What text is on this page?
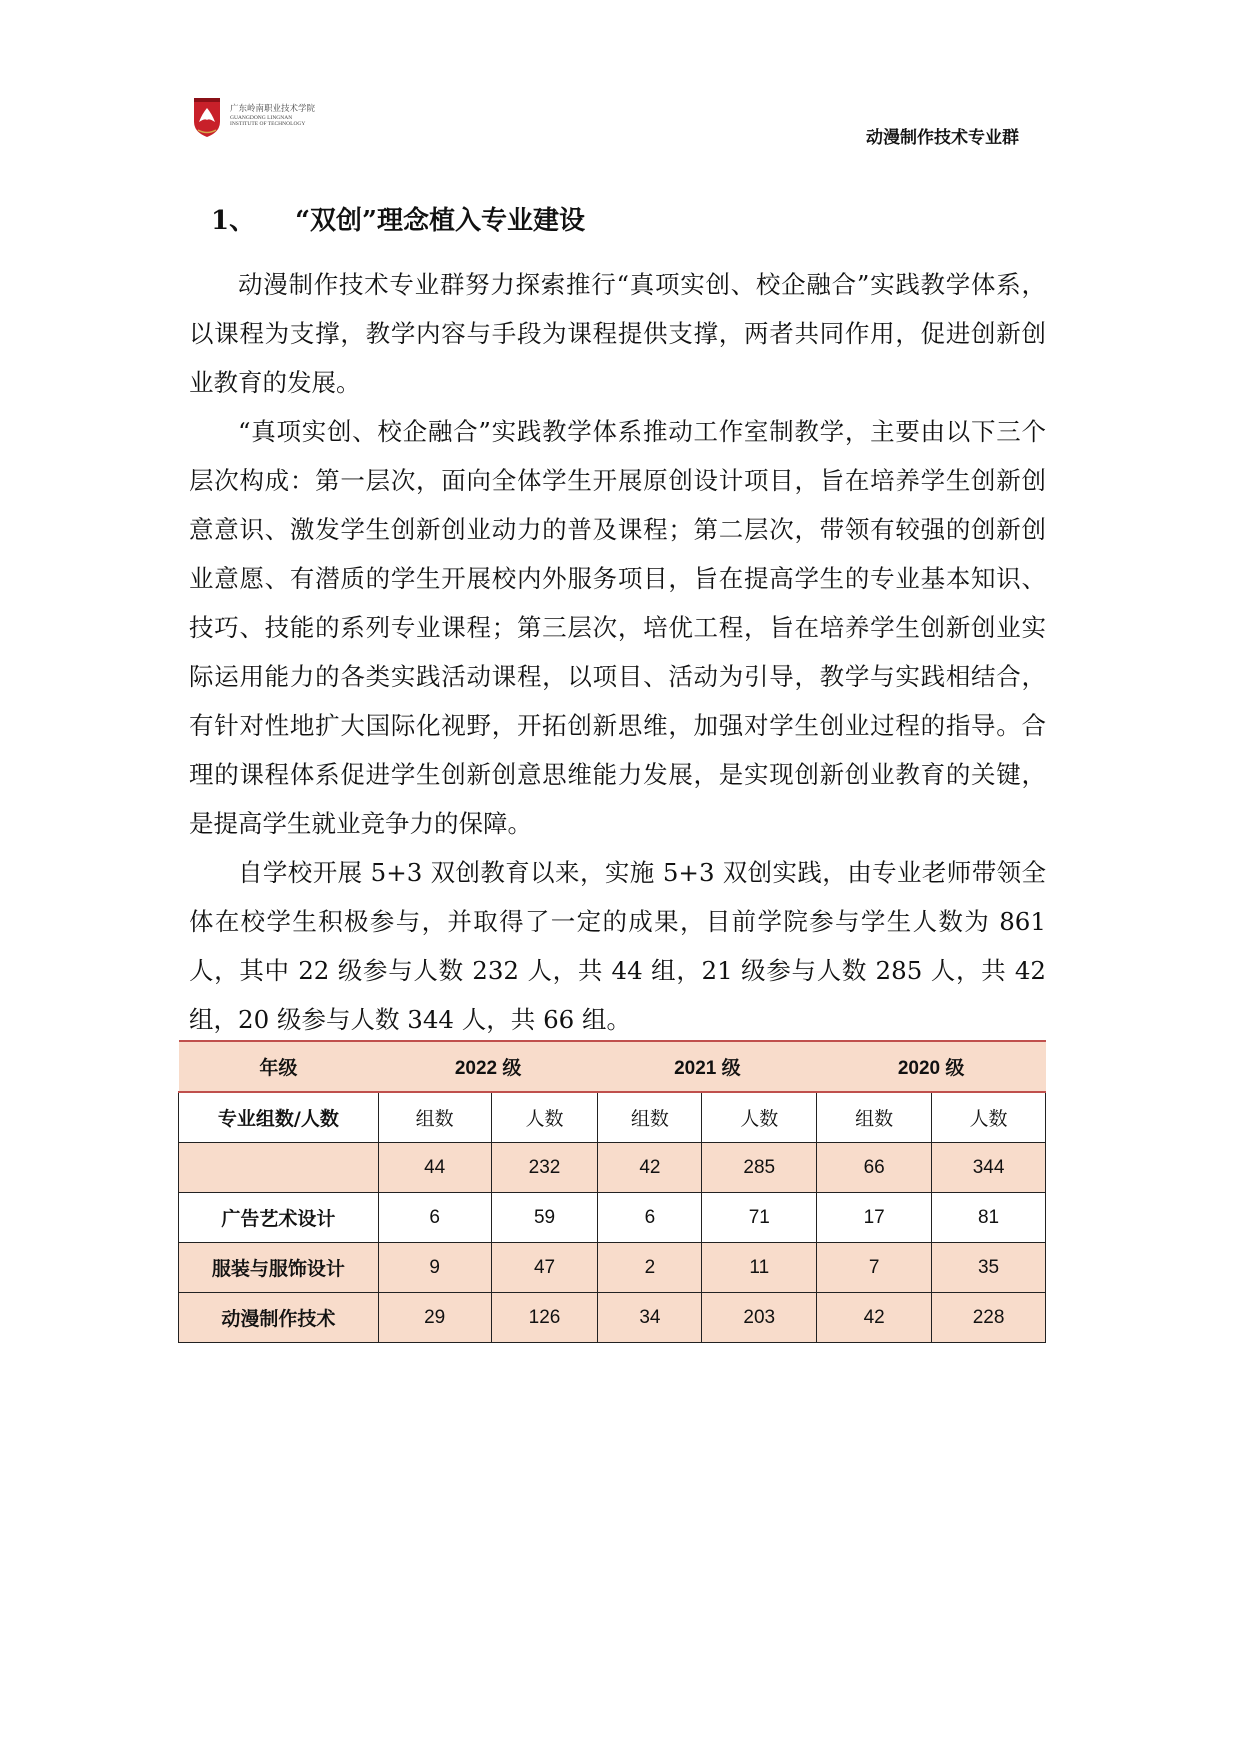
广东岭南职业技术学院
GUANGDONG LINGNAN INSTITUTE OF TECHNOLOGY
动漫制作技术专业群
1、 “双创”理念植入专业建设

动漫制作技术专业群努力探索推行“真项实创、校企融合”实践教学体系，以课程为支撑，教学内容与手段为课程提供支撑，两者共同作用，促进创新创业教育的发展。

“真项实创、校企融合”实践教学体系推动工作室制教学，主要由以下三个层次构成：第一层次，面向全体学生开展原创设计项目，旨在培养学生创新创意意识、激发学生创新创业动力的普及课程；第二层次，带领有较强的创新创业意愿、有潜质的学生开展校内外服务项目，旨在提高学生的专业基本知识、技巧、技能的系列专业课程；第三层次，培优工程，旨在培养学生创新创业实际运用能力的各类实践活动课程，以项目、活动为引导，教学与实践相结合，有针对性地扩大国际化视野，开拓创新思维，加强对学生创业过程的指导。合理的课程体系促进学生创新创意思维能力发展，是实现创新创业教育的关键，是提高学生就业竞争力的保障。

自学校开展 5+3 双创教育以来，实施 5+3 双创实践，由专业老师带领全体在校学生积极参与，并取得了一定的成果，目前学院参与学生人数为 861 人，其中 22 级参与人数 232 人，共 44 组，21 级参与人数 285 人，共 42 组，20 级参与人数 344 人，共 66 组。

年级	2022 级		2021 级		2020 级	
专业组数/人数	组数	人数	组数	人数	组数	人数
	44	232	42	285	66	344
广告艺术设计	6	59	6	71	17	81
服装与服饰设计	9	47	2	11	7	35
动漫制作技术	29	126	34	203	42	228
